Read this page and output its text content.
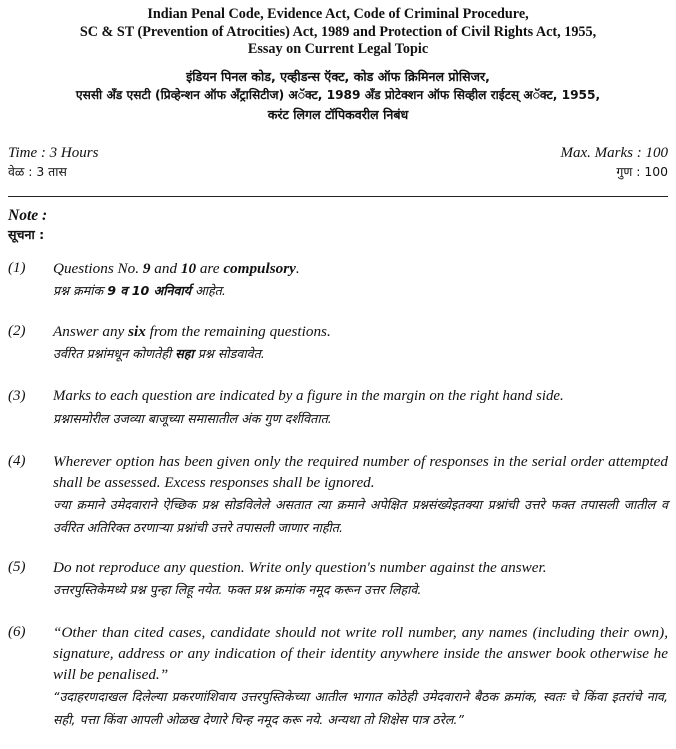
Indian Penal Code, Evidence Act, Code of Criminal Procedure,
SC & ST (Prevention of Atrocities) Act, 1989 and Protection of Civil Rights Act, 1955,
Essay on Current Legal Topic
इंडियन पिनल कोड, एव्हीडन्स ऍक्ट, कोड ऑफ क्रिमिनल प्रोसिजर,
एससी अँड एसटी (प्रिव्हेन्शन ऑफ अँट्रासिटीज) अॅक्ट, 1989 अँड प्रोटेक्शन ऑफ सिव्हील राईटस् अॅक्ट, 1955,
करंट लिगल टॉपिकवरील निबंध
Time : 3 Hours	Max. Marks : 100
वेळ : 3 तास	गुण : 100
Note :
सूचना :
(1)	Questions No. 9 and 10 are compulsory.

प्रश्न क्रमांक 9 व 10 अनिवार्य आहेत.

(2)	Answer any six from the remaining questions.

उर्वरित प्रश्नांमधून कोणतेही सहा प्रश्न सोडवावेत.

(3)	Marks to each question are indicated by a figure in the margin on the right hand side.

प्रश्नासमोरील उजव्या बाजूच्या समासातील अंक गुण दर्शवितात.

(4)	Wherever option has been given only the required number of responses in the serial order attempted shall be assessed. Excess responses shall be ignored.

ज्या क्रमाने उमेदवाराने ऐच्छिक प्रश्न सोडविलेले असतात त्या क्रमाने अपेक्षित प्रश्नसंख्येइतक्या प्रश्नांची उत्तरे फक्त तपासली जातील व उर्वरित अतिरिक्त ठरणाऱ्या प्रश्नांची उत्तरे तपासली जाणार नाहीत.

(5)	Do not reproduce any question. Write only question's number against the answer.

उत्तरपुस्तिकेमध्ये प्रश्न पुन्हा लिहू नयेत. फक्त प्रश्न क्रमांक नमूद करून उत्तर लिहावे.

(6)	“Other than cited cases, candidate should not write roll number, any names (including their own), signature, address or any indication of their identity anywhere inside the answer book otherwise he will be penalised.”

“उदाहरणदाखल दिलेल्या प्रकरणांशिवाय उत्तरपुस्तिकेच्या आतील भागात कोठेही उमेदवाराने बैठक क्रमांक, स्वतः चे किंवा इतरांचे नाव, सही, पत्ता किंवा आपली ओळख देणारे चिन्ह नमूद करू नये. अन्यथा तो शिक्षेस पात्र ठरेल.”
